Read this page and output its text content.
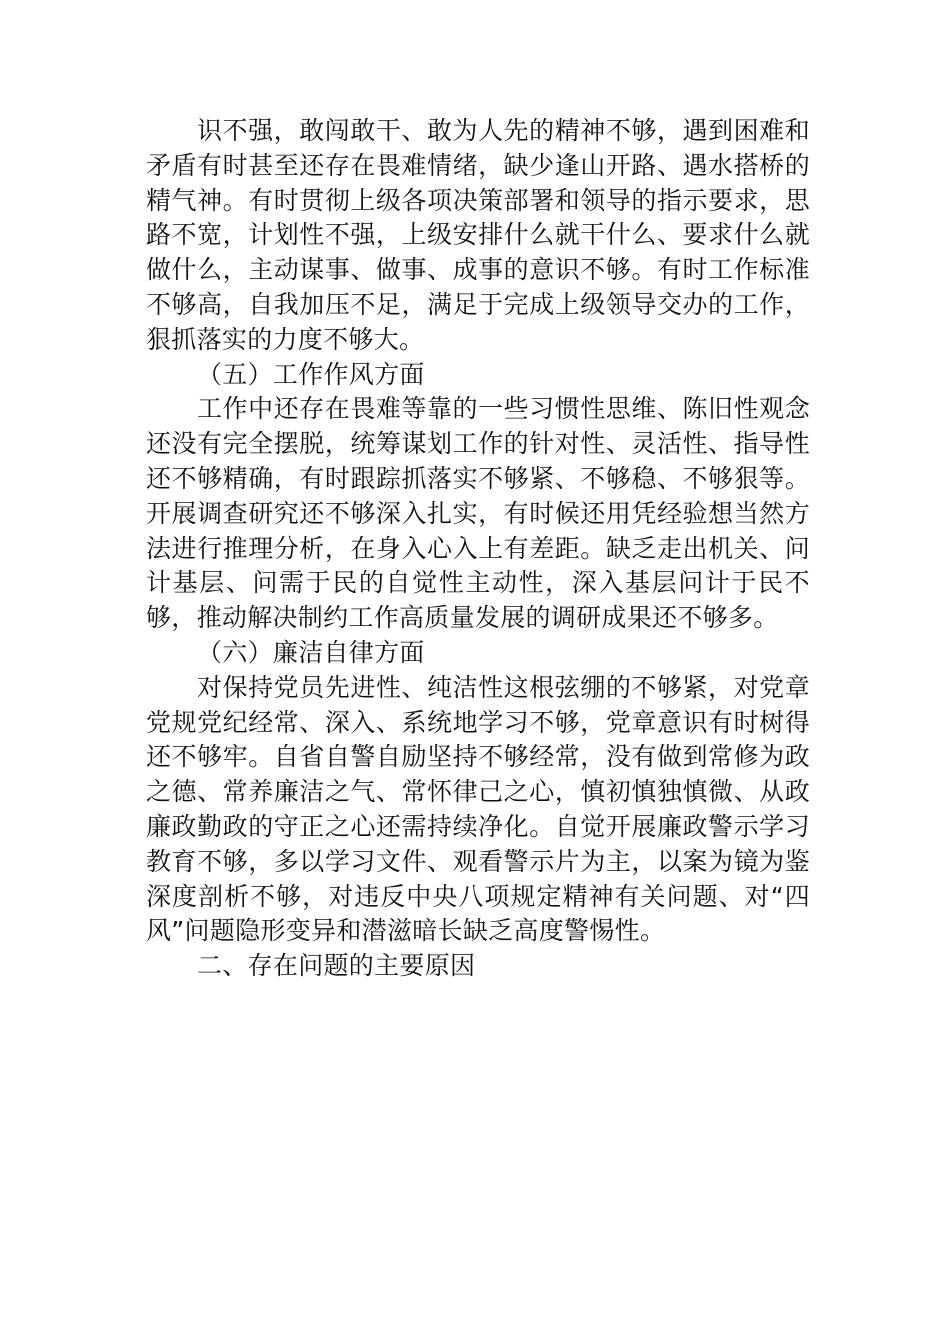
识不强，敢闯敢干、敢为人先的精神不够，遇到困难和矛盾有时甚至还存在畏难情绪，缺少逢山开路、遇水搭桥的精气神。有时贯彻上级各项决策部署和领导的指示要求，思路不宽，计划性不强，上级安排什么就干什么、要求什么就做什么，主动谋事、做事、成事的意识不够。有时工作标准不够高，自我加压不足，满足于完成上级领导交办的工作，狠抓落实的力度不够大。

（五）工作作风方面

工作中还存在畏难等靠的一些习惯性思维、陈旧性观念还没有完全摆脱，统筹谋划工作的针对性、灵活性、指导性还不够精确，有时跟踪抓落实不够紧、不够稳、不够狠等。开展调查研究还不够深入扎实，有时候还用凭经验想当然方法进行推理分析，在身入心入上有差距。缺乏走出机关、问计基层、问需于民的自觉性主动性，深入基层问计于民不够，推动解决制约工作高质量发展的调研成果还不够多。

（六）廉洁自律方面

对保持党员先进性、纯洁性这根弦绷的不够紧，对党章党规党纪经常、深入、系统地学习不够，党章意识有时树得还不够牢。自省自警自励坚持不够经常，没有做到常修为政之德、常养廉洁之气、常怀律己之心，慎初慎独慎微、从政廉政勤政的守正之心还需持续净化。自觉开展廉政警示学习教育不够，多以学习文件、观看警示片为主，以案为镜为鉴深度剖析不够，对违反中央八项规定精神有关问题、对“四风”问题隐形变异和潜滋暗长缺乏高度警惕性。

二、存在问题的主要原因
